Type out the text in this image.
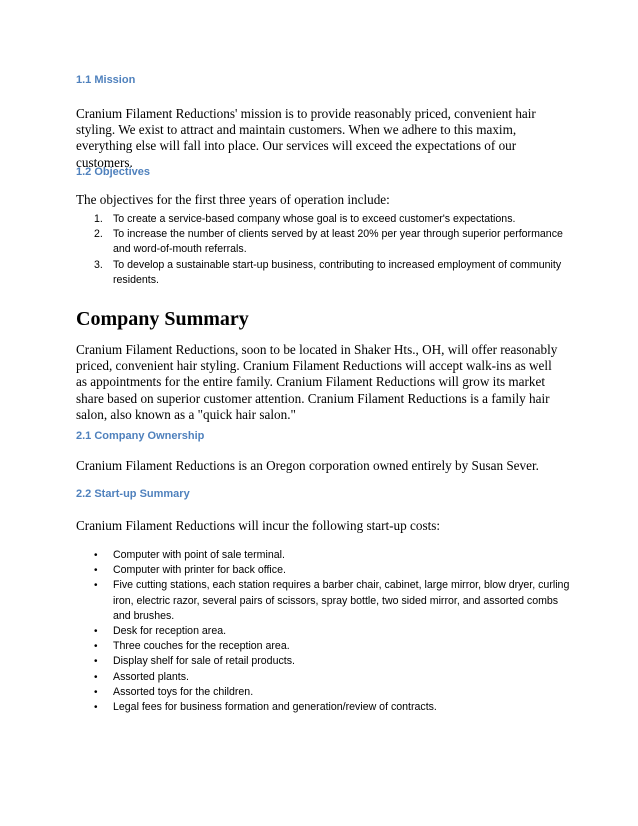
1.1 Mission

Cranium Filament Reductions' mission is to provide reasonably priced, convenient hair styling. We exist to attract and maintain customers. When we adhere to this maxim, everything else will fall into place. Our services will exceed the expectations of our customers.

1.2 Objectives

The objectives for the first three years of operation include:

1. To create a service-based company whose goal is to exceed customer's expectations.
2. To increase the number of clients served by at least 20% per year through superior performance and word-of-mouth referrals.
3. To develop a sustainable start-up business, contributing to increased employment of community residents.
Company Summary

Cranium Filament Reductions, soon to be located in Shaker Hts., OH, will offer reasonably priced, convenient hair styling. Cranium Filament Reductions will accept walk-ins as well as appointments for the entire family. Cranium Filament Reductions will grow its market share based on superior customer attention. Cranium Filament Reductions is a family hair salon, also known as a "quick hair salon."

2.1 Company Ownership

Cranium Filament Reductions is an Oregon corporation owned entirely by Susan Sever.

2.2 Start-up Summary

Cranium Filament Reductions will incur the following start-up costs:

• Computer with point of sale terminal.
• Computer with printer for back office.
• Five cutting stations, each station requires a barber chair, cabinet, large mirror, blow dryer, curling iron, electric razor, several pairs of scissors, spray bottle, two sided mirror, and assorted combs and brushes.
• Desk for reception area.
• Three couches for the reception area.
• Display shelf for sale of retail products.
• Assorted plants.
• Assorted toys for the children.
• Legal fees for business formation and generation/review of contracts.
